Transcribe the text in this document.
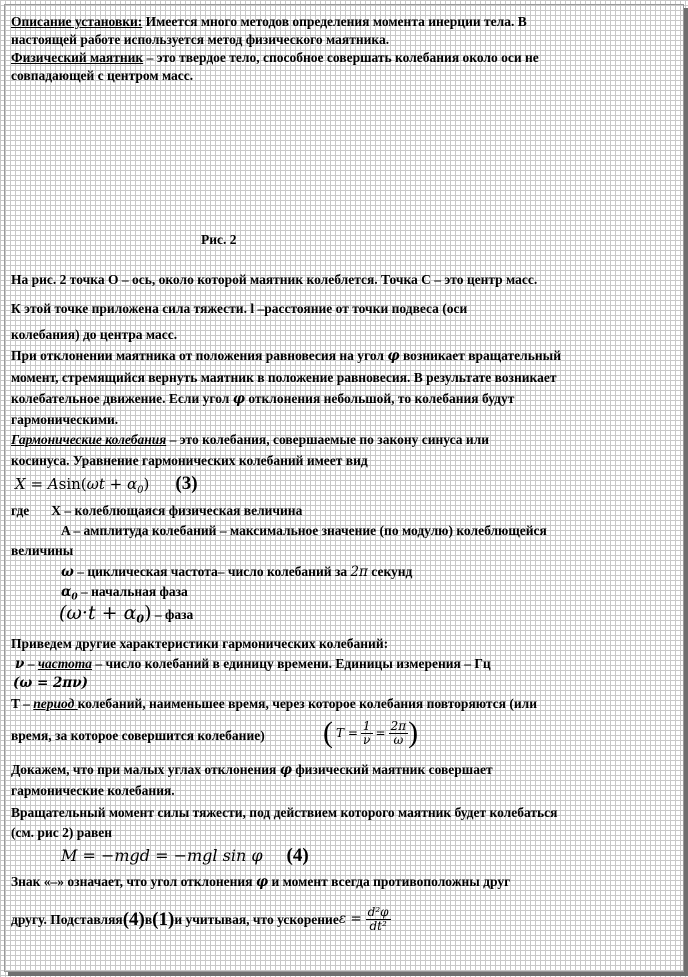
Описание установки: Имеется много методов определения момента инерции тела. В
настоящей работе используется метод физического маятника.
Физический маятник – это твердое тело, способное совершать колебания около оси не
совпадающей с центром масс.
Рис. 2
На рис. 2 точка О – ось, около которой маятник колеблется. Точка С – это центр масс.
К этой точке приложена сила тяжести. l –расстояние от точки подвеса (оси
колебания) до центра масс.
При отклонении маятника от положения равновесия на угол φ возникает вращательный
момент, стремящийся вернуть маятник в положение равновесия. В результате возникает
колебательное движение. Если угол φ отклонения небольшой, то колебания будут
гармоническими.
Гармонические колебания – это колебания, совершаемые по закону синуса или
косинуса. Уравнение гармонических колебаний имеет вид
$X = Asin(\omega t + \alpha_0)$ (3)
где X – колеблющаяся физическая величина
A – амплитуда колебаний – максимальное значение (по модулю) колеблющейся
величины
ω – циклическая частота– число колебаний за 2π секунд
$\alpha_0$ – начальная фаза
$(\omega\cdot t + \alpha_0)$ – фаза
Приведем другие характеристики гармонических колебаний:
ν – частота – число колебаний в единицу времени. Единицы измерения – Гц
(ω = 2πν)
T – период колебаний, наименьшее время, через которое колебания повторяются (или
время, за которое совершится колебание) ( $T = \frac{1}{\nu} = \frac{2\pi}{\omega}$ )
Докажем, что при малых углах отклонения φ физический маятник совершает
гармонические колебания.
Вращательный момент силы тяжести, под действием которого маятник будет колебаться
(см. рис 2) равен
M = −mgd = −mgl sin φ (4)
Знак «–» означает, что угол отклонения φ и момент всегда противоположны друг
другу. Подставляя (4) в (1) и учитывая, что ускорение $\varepsilon = \frac{\text{d²φ}}{\text{dt²}}$
